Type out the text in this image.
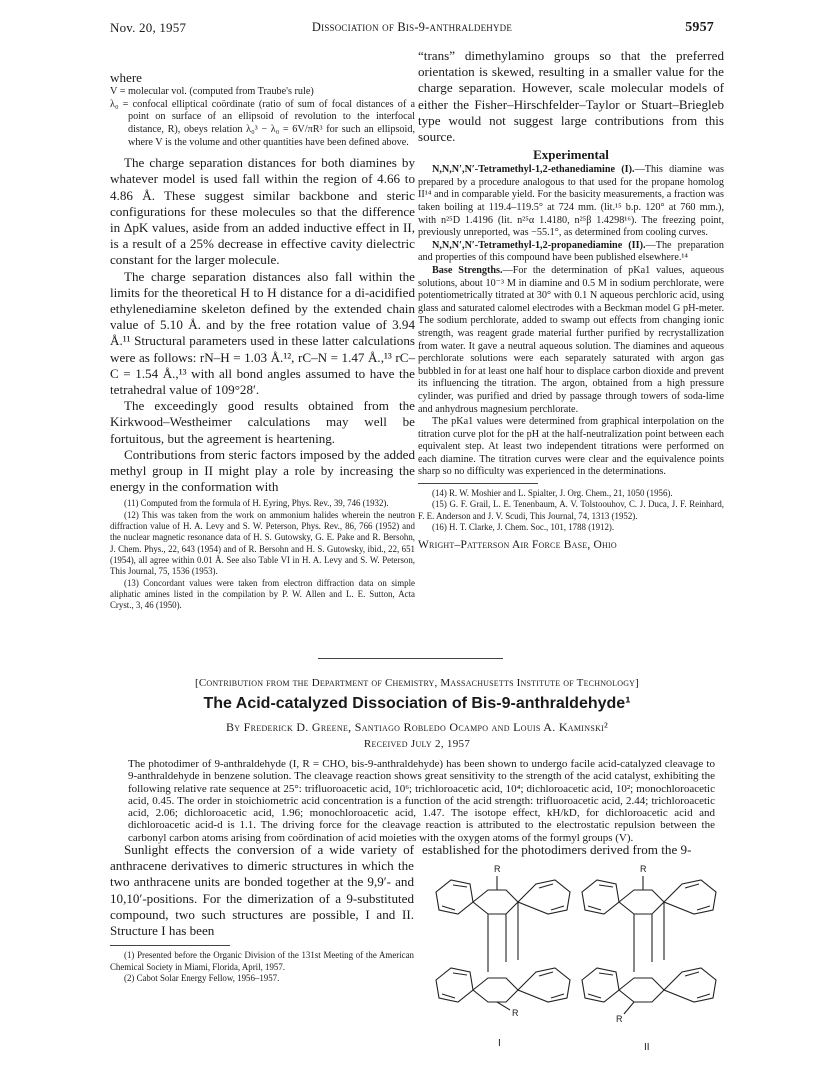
Nov. 20, 1957	Dissociation of Bis-9-anthraldehyde	5957

where

V = molecular vol. (computed from Traube's rule)

λ₀ = confocal elliptical coördinate (ratio of sum of focal distances of a point on surface of an ellipsoid of revolution to the interfocal distance, R), obeys relation λ₀³ − λ₀ = 6V/πR³ for such an ellipsoid, where V is the volume and other quantities have been defined above.

The charge separation distances for both diamines by whatever model is used fall within the region of 4.66 to 4.86 Å. These suggest similar backbone and steric configurations for these molecules so that the difference in ΔpK values, aside from an added inductive effect in II, is a result of a 25% decrease in effective cavity dielectric constant for the larger molecule.

The charge separation distances also fall within the limits for the theoretical H to H distance for a di-acidified ethylenediamine skeleton defined by the extended chain value of 5.10 Å. and by the free rotation value of 3.94 Å.¹¹ Structural parameters used in these latter calculations were as follows: rN–H = 1.03 Å.¹², rC–N = 1.47 Å.,¹³ rC–C = 1.54 Å.,¹³ with all bond angles assumed to have the tetrahedral value of 109°28′.

The exceedingly good results obtained from the Kirkwood–Westheimer calculations may well be fortuitous, but the agreement is heartening.

Contributions from steric factors imposed by the added methyl group in II might play a role by increasing the energy in the conformation with

(11) Computed from the formula of H. Eyring, Phys. Rev., 39, 746 (1932).

(12) This was taken from the work on ammonium halides wherein the neutron diffraction value of H. A. Levy and S. W. Peterson, Phys. Rev., 86, 766 (1952) and the nuclear magnetic resonance data of H. S. Gutowsky, G. E. Pake and R. Bersohn, J. Chem. Phys., 22, 643 (1954) and of R. Bersohn and H. S. Gutowsky, ibid., 22, 651 (1954), all agree within 0.01 Å. See also Table VI in H. A. Levy and S. W. Peterson, This Journal, 75, 1536 (1953).

(13) Concordant values were taken from electron diffraction data on simple aliphatic amines listed in the compilation by P. W. Allen and L. E. Sutton, Acta Cryst., 3, 46 (1950).

“trans” dimethylamino groups so that the preferred orientation is skewed, resulting in a smaller value for the charge separation. However, scale molecular models of either the Fisher–Hirschfelder–Taylor or Stuart–Briegleb type would not suggest large contributions from this source.

Experimental

N,N,N′,N′-Tetramethyl-1,2-ethanediamine (I).—This diamine was prepared by a procedure analogous to that used for the propane homolog II¹⁴ and in comparable yield. For the basicity measurements, a fraction was taken boiling at 119.4–119.5° at 724 mm. (lit.¹⁵ b.p. 120° at 760 mm.), with n²⁵D 1.4196 (lit. n²⁵α 1.4180, n²⁵β 1.4298¹⁶). The freezing point, previously unreported, was −55.1°, as determined from cooling curves.

N,N,N′,N′-Tetramethyl-1,2-propanediamine (II).—The preparation and properties of this compound have been published elsewhere.¹⁴

Base Strengths.—For the determination of pKa1 values, aqueous solutions, about 10⁻³ M in diamine and 0.5 M in sodium perchlorate, were potentiometrically titrated at 30° with 0.1 N aqueous perchloric acid, using glass and saturated calomel electrodes with a Beckman model G pH-meter. The sodium perchlorate, added to swamp out effects from changing ionic strength, was reagent grade material further purified by recrystallization from water. It gave a neutral aqueous solution. The diamines and aqueous perchlorate solutions were each separately saturated with argon gas bubbled in for at least one half hour to displace carbon dioxide and prevent its influencing the titration. The argon, obtained from a high pressure cylinder, was purified and dried by passage through towers of soda-lime and anhydrous magnesium perchlorate.

The pKa1 values were determined from graphical interpolation on the titration curve plot for the pH at the half-neutralization point between each equivalent step. At least two independent titrations were performed on each diamine. The titration curves were clear and the equivalence points sharp so no difficulty was experienced in the determinations.

(14) R. W. Moshier and L. Spialter, J. Org. Chem., 21, 1050 (1956).

(15) G. F. Grail, L. E. Tenenbaum, A. V. Tolstoouhov, C. J. Duca, J. F. Reinhard, F. E. Anderson and J. V. Scudi, This Journal, 74, 1313 (1952).

(16) H. T. Clarke, J. Chem. Soc., 101, 1788 (1912).

Wright–Patterson Air Force Base, Ohio

[Contribution from the Department of Chemistry, Massachusetts Institute of Technology]
The Acid-catalyzed Dissociation of Bis-9-anthraldehyde¹
By Frederick D. Greene, Santiago Robledo Ocampo and Louis A. Kaminski²
Received July 2, 1957

The photodimer of 9-anthraldehyde (I, R = CHO, bis-9-anthraldehyde) has been shown to undergo facile acid-catalyzed cleavage to 9-anthraldehyde in benzene solution. The cleavage reaction shows great sensitivity to the strength of the acid catalyst, exhibiting the following relative rate sequence at 25°: trifluoroacetic acid, 10⁶; trichloroacetic acid, 10⁴; dichloroacetic acid, 10²; monochloroacetic acid, 0.45. The order in stoichiometric acid concentration is a function of the acid strength: trifluoroacetic acid, 2.44; trichloroacetic acid, 2.06; dichloroacetic acid, 1.96; monochloroacetic acid, 1.47. The isotope effect, kH/kD, for dichloroacetic acid and dichloroacetic acid-d is 1.1. The driving force for the cleavage reaction is attributed to the electrostatic repulsion between the carbonyl carbon atoms arising from coördination of acid moieties with the oxygen atoms of the formyl groups (V).

Sunlight effects the conversion of a wide variety of anthracene derivatives to dimeric structures in which the two anthracene units are bonded together at the 9,9′- and 10,10′-positions. For the dimerization of a 9-substituted compound, two such structures are possible, I and II. Structure I has been

(1) Presented before the Organic Division of the 131st Meeting of the American Chemical Society in Miami, Florida, April, 1957.

(2) Cabot Solar Energy Fellow, 1956–1957.

established for the photodimers derived from the 9-

R
R
R
R
I	II
